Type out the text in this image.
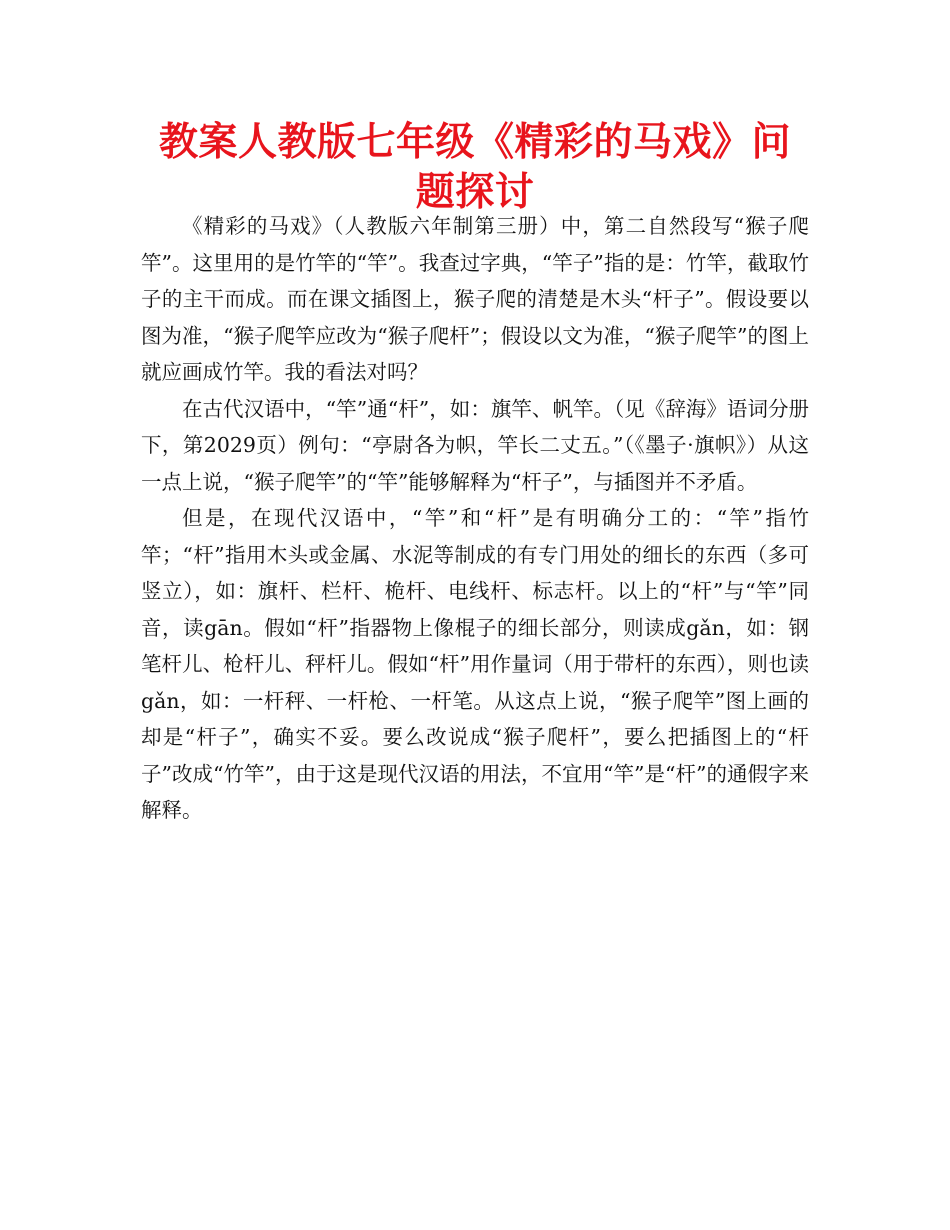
教案人教版七年级《精彩的马戏》问题探讨

《精彩的马戏》（人教版六年制第三册）中，第二自然段写“猴子爬竿”。这里用的是竹竿的“竿”。我查过字典，“竿子”指的是：竹竿，截取竹子的主干而成。而在课文插图上，猴子爬的清楚是木头“杆子”。假设要以图为准，“猴子爬竿应改为“猴子爬杆”；假设以文为准，“猴子爬竿”的图上就应画成竹竿。我的看法对吗？

在古代汉语中，“竿”通“杆”，如：旗竿、帆竿。（见《辞海》语词分册下，第2029页）例句：“亭尉各为帜，竿长二丈五。”（《墨子·旗帜》）从这一点上说，“猴子爬竿”的“竿”能够解释为“杆子”，与插图并不矛盾。

但是，在现代汉语中，“竿”和“杆”是有明确分工的：“竿”指竹竿；“杆”指用木头或金属、水泥等制成的有专门用处的细长的东西（多可竖立），如：旗杆、栏杆、桅杆、电线杆、标志杆。以上的“杆”与“竿”同音，读gān。假如“杆”指器物上像棍子的细长部分，则读成gǎn，如：钢笔杆儿、枪杆儿、秤杆儿。假如“杆”用作量词（用于带杆的东西），则也读gǎn，如：一杆秤、一杆枪、一杆笔。从这点上说，“猴子爬竿”图上画的却是“杆子”，确实不妥。要么改说成“猴子爬杆”，要么把插图上的“杆子”改成“竹竿”，由于这是现代汉语的用法，不宜用“竿”是“杆”的通假字来解释。
